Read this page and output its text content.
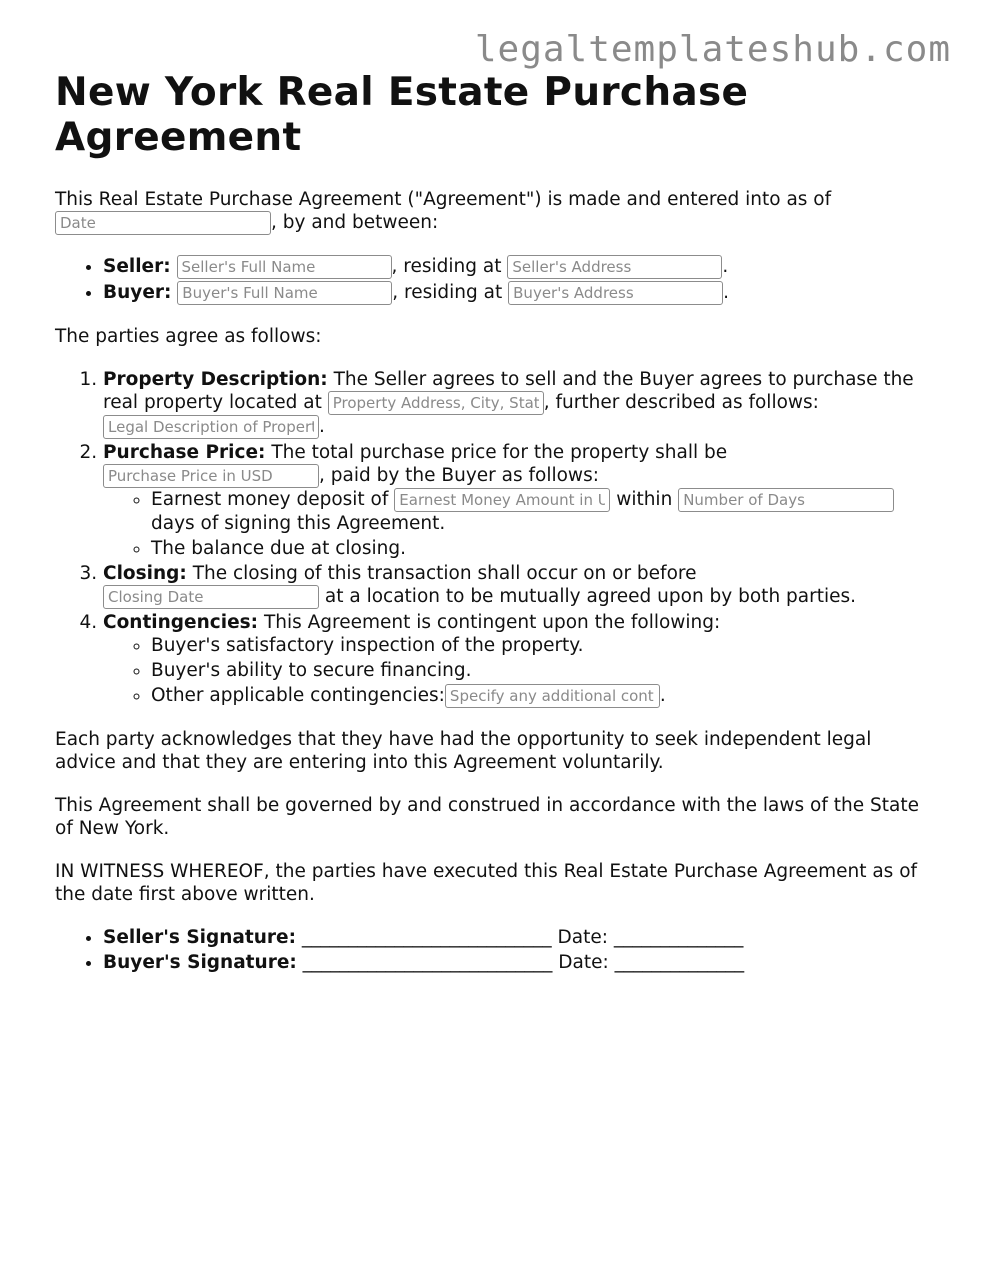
legaltemplateshub.com
New York Real Estate Purchase Agreement

This Real Estate Purchase Agreement ("Agreement") is made and entered into as of
Date, by and between:

• Seller: Seller's Full Name	, residing at Seller's Address	.
• Buyer: Buyer's Full Name	, residing at Buyer's Address	.

The parties agree as follows:

1. Property Description: The Seller agrees to sell and the Buyer agrees to purchase the real property located at Property Address, City, State	, further described as follows: Legal Description of Property.
2. Purchase Price: The total purchase price for the property shall be
Purchase Price in USD, paid by the Buyer as follows:
◦ Earnest money deposit of Earnest Money Amount in USD	within Number of Days days of signing this Agreement.
◦ The balance due at closing.
3. Closing: The closing of this transaction shall occur on or before
Closing Date at a location to be mutually agreed upon by both parties.
4. Contingencies: This Agreement is contingent upon the following:
◦ Buyer's satisfactory inspection of the property.
◦ Buyer's ability to secure financing.
◦ Other applicable contingencies:Specify any additional contingencies	.

Each party acknowledges that they have had the opportunity to seek independent legal advice and that they are entering into this Agreement voluntarily.

This Agreement shall be governed by and construed in accordance with the laws of the State of New York.

IN WITNESS WHEREOF, the parties have executed this Real Estate Purchase Agreement as of the date first above written.

• Seller's Signature: ___________________________ Date: ______________
• Buyer's Signature: ___________________________ Date: ______________
